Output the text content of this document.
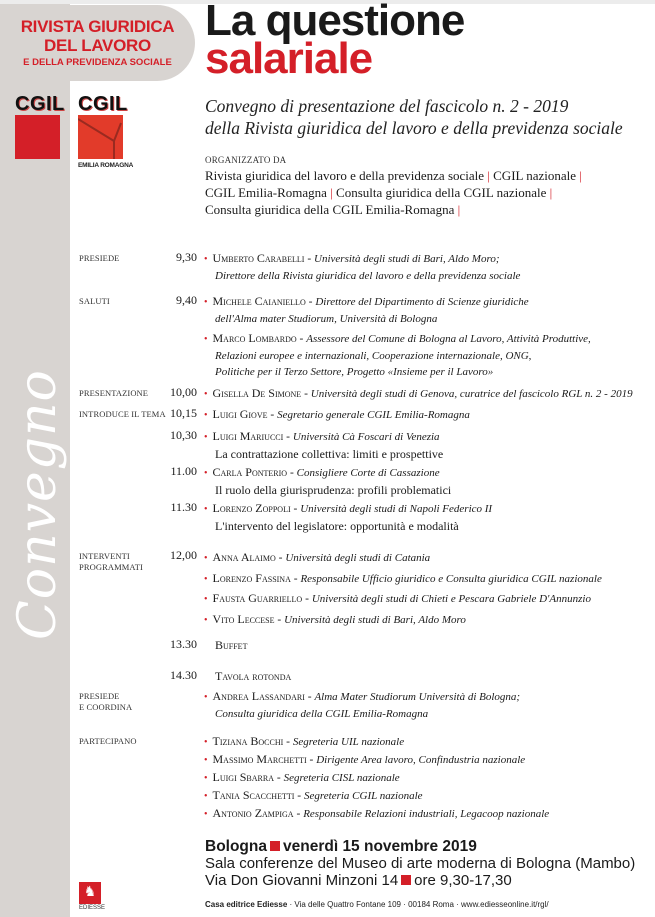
RIVISTA GIURIDICA
DEL LAVORO
E DELLA PREVIDENZA SOCIALE
CGIL CGIL
EMILIA ROMAGNA
Convegno
La questione
salariale
Convegno di presentazione del fascicolo n. 2 - 2019
della Rivista giuridica del lavoro e della previdenza sociale
ORGANIZZATO DA
Rivista giuridica del lavoro e della previdenza sociale | CGIL nazionale |
CGIL Emilia-Romagna | Consulta giuridica della CGIL nazionale |
Consulta giuridica della CGIL Emilia-Romagna |
PRESIEDE	9,30 • Umberto Carabelli - Università degli studi di Bari, Aldo Moro;
Direttore della Rivista giuridica del lavoro e della previdenza sociale
SALUTI	9,40 • Michele Caianiello - Direttore del Dipartimento di Scienze giuridiche
dell'Alma mater Studiorum, Università di Bologna
• Marco Lombardo - Assessore del Comune di Bologna al Lavoro, Attività Produttive,
Relazioni europee e internazionali, Cooperazione internazionale, ONG,
Politiche per il Terzo Settore, Progetto «Insieme per il Lavoro»
PRESENTAZIONE 10,00 • Gisella De Simone - Università degli studi di Genova, curatrice del fascicolo RGL n. 2 - 2019
INTRODUCE IL TEMA 10,15 • Luigi Giove - Segretario generale CGIL Emilia-Romagna
10,30 • Luigi Mariucci - Università Cà Foscari di Venezia
La contrattazione collettiva: limiti e prospettive
11.00 • Carla Ponterio - Consigliere Corte di Cassazione
Il ruolo della giurisprudenza: profili problematici
11.30 • Lorenzo Zoppoli - Università degli studi di Napoli Federico II
L'intervento del legislatore: opportunità e modalità
INTERVENTI
PROGRAMMATI
12,00 • Anna Alaimo - Università degli studi di Catania
• Lorenzo Fassina - Responsabile Ufficio giuridico e Consulta giuridica CGIL nazionale
• Fausta Guarriello - Università degli studi di Chieti e Pescara Gabriele D'Annunzio
• Vito Leccese - Università degli studi di Bari, Aldo Moro
13.30 Buffet
14.30 Tavola rotonda
PRESIEDE
E COORDINA
• Andrea Lassandari - Alma Mater Studiorum Università di Bologna;
Consulta giuridica della CGIL Emilia-Romagna
PARTECIPANO	• Tiziana Bocchi - Segreteria UIL nazionale
• Massimo Marchetti - Dirigente Area lavoro, Confindustria nazionale
• Luigi Sbarra - Segreteria CISL nazionale
• Tania Scacchetti - Segreteria CGIL nazionale
• Antonio Zampiga - Responsabile Relazioni industriali, Legacoop nazionale
Bologna venerdì 15 novembre 2019
Sala conferenze del Museo di arte moderna di Bologna (Mambo)
Via Don Giovanni Minzoni 14 ore 9,30-17,30
♞
EDIESSE	Casa editrice Ediesse · Via delle Quattro Fontane 109 · 00184 Roma · www.ediesseonline.it/rgl/
